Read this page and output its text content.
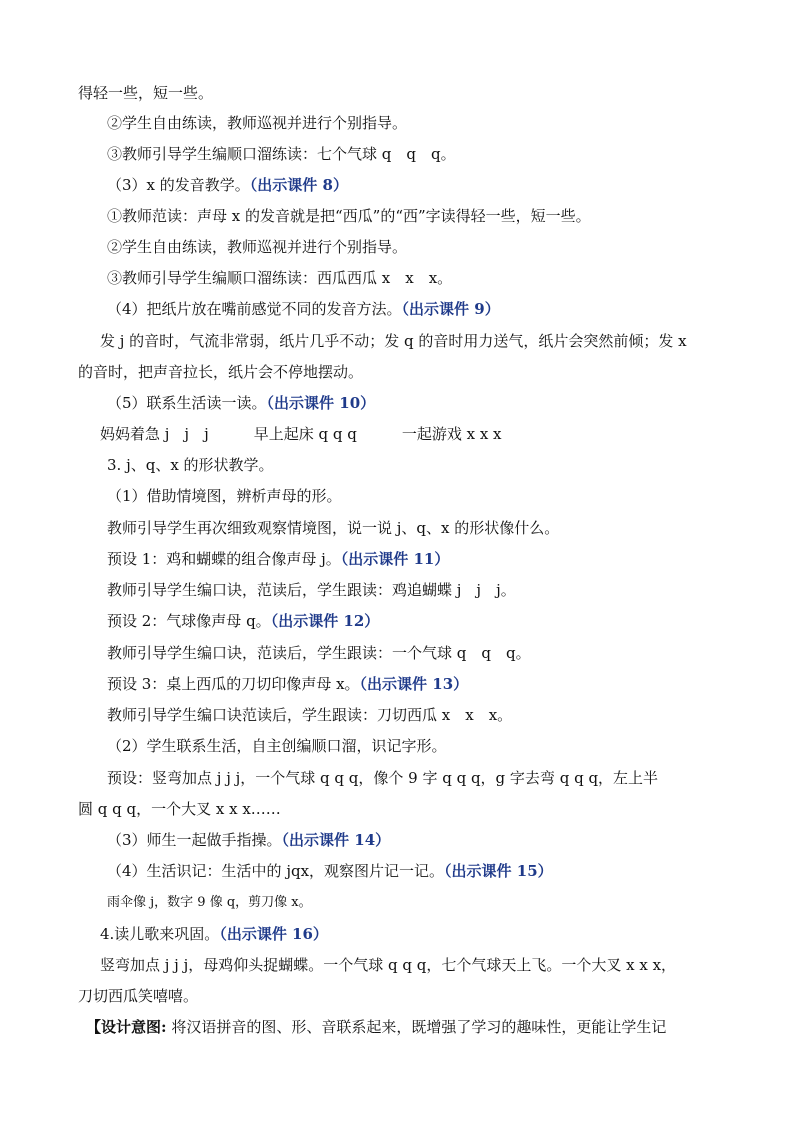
得轻一些，短一些。
②学生自由练读，教师巡视并进行个别指导。
③教师引导学生编顺口溜练读：七个气球 q　q　q。
（3）x 的发音教学。（出示课件 8）
①教师范读：声母 x 的发音就是把“西瓜”的“西”字读得轻一些，短一些。
②学生自由练读，教师巡视并进行个别指导。
③教师引导学生编顺口溜练读：西瓜西瓜 x　x　x。
（4）把纸片放在嘴前感觉不同的发音方法。（出示课件 9）
发 j 的音时，气流非常弱，纸片几乎不动；发 q 的音时用力送气，纸片会突然前倾；发 x
的音时，把声音拉长，纸片会不停地摆动。
（5）联系生活读一读。（出示课件 10）
妈妈着急 j　j　j　　　早上起床 q q q　　　一起游戏 x x x
3. j、q、x 的形状教学。
（1）借助情境图，辨析声母的形。
教师引导学生再次细致观察情境图，说一说 j、q、x 的形状像什么。
预设 1：鸡和蝴蝶的组合像声母 j。（出示课件 11）
教师引导学生编口诀，范读后，学生跟读：鸡追蝴蝶 j　j　j。
预设 2：气球像声母 q。（出示课件 12）
教师引导学生编口诀，范读后，学生跟读：一个气球 q　q　q。
预设 3：桌上西瓜的刀切印像声母 x。（出示课件 13）
教师引导学生编口诀范读后，学生跟读：刀切西瓜 x　x　x。
（2）学生联系生活，自主创编顺口溜，识记字形。
预设：竖弯加点 j j j，一个气球 q q q，像个 9 字 q q q，g 字去弯 q q q，左上半
圆 q q q，一个大叉 x x x……
（3）师生一起做手指操。（出示课件 14）
（4）生活识记：生活中的 jqx，观察图片记一记。（出示课件 15）
雨伞像 j，数字 9 像 q，剪刀像 x。
4.读儿歌来巩固。（出示课件 16）
竖弯加点 j j j，母鸡仰头捉蝴蝶。一个气球 q q q，七个气球天上飞。一个大叉 x x x，
刀切西瓜笑嘻嘻。
【设计意图: 将汉语拼音的图、形、音联系起来，既增强了学习的趣味性，更能让学生记
